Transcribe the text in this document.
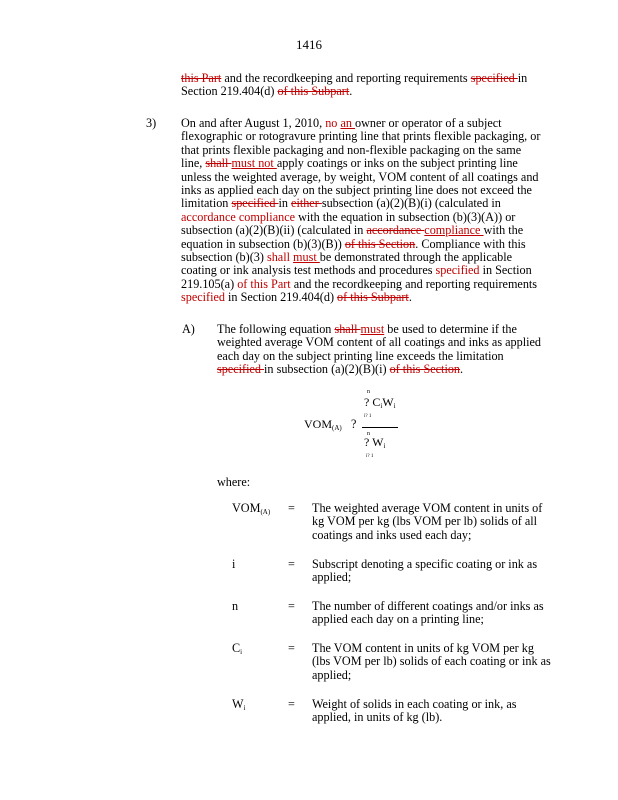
1416
this Part and the recordkeeping and reporting requirements specified in
Section 219.404(d) of this Subpart.
3) On and after August 1, 2010, no an owner or operator of a subject flexographic or rotogravure printing line that prints flexible packaging, or that prints flexible packaging and non-flexible packaging on the same line, shall must not apply coatings or inks on the subject printing line unless the weighted average, by weight, VOM content of all coatings and inks as applied each day on the subject printing line does not exceed the limitation specified in either subsection (a)(2)(B)(i) (calculated in accordance compliance with the equation in subsection (b)(3)(A)) or subsection (a)(2)(B)(ii) (calculated in accordance compliance with the equation in subsection (b)(3)(B)) of this Section. Compliance with this subsection (b)(3) shall must be demonstrated through the applicable coating or ink analysis test methods and procedures specified in Section 219.105(a) of this Part and the recordkeeping and reporting requirements specified in Section 219.404(d) of this Subpart.
A) The following equation shall must be used to determine if the weighted average VOM content of all coatings and inks as applied each day on the subject printing line exceeds the limitation specified in subsection (a)(2)(B)(i) of this Section.
$VOM_{(A)}$ ?
n
? $C_iW_i$
i? 1
n
? $W_i$
i? 1
where:
$VOM_{(A)}$ = The weighted average VOM content in units of kg VOM per kg (lbs VOM per lb) solids of all coatings and inks used each day;
i	= Subscript denoting a specific coating or ink as applied;
n	= The number of different coatings and/or inks as applied each day on a printing line;
$C_i$	= The VOM content in units of kg VOM per kg (lbs VOM per lb) solids of each coating or ink as applied;
$W_i$	= Weight of solids in each coating or ink, as applied, in units of kg (lb).
